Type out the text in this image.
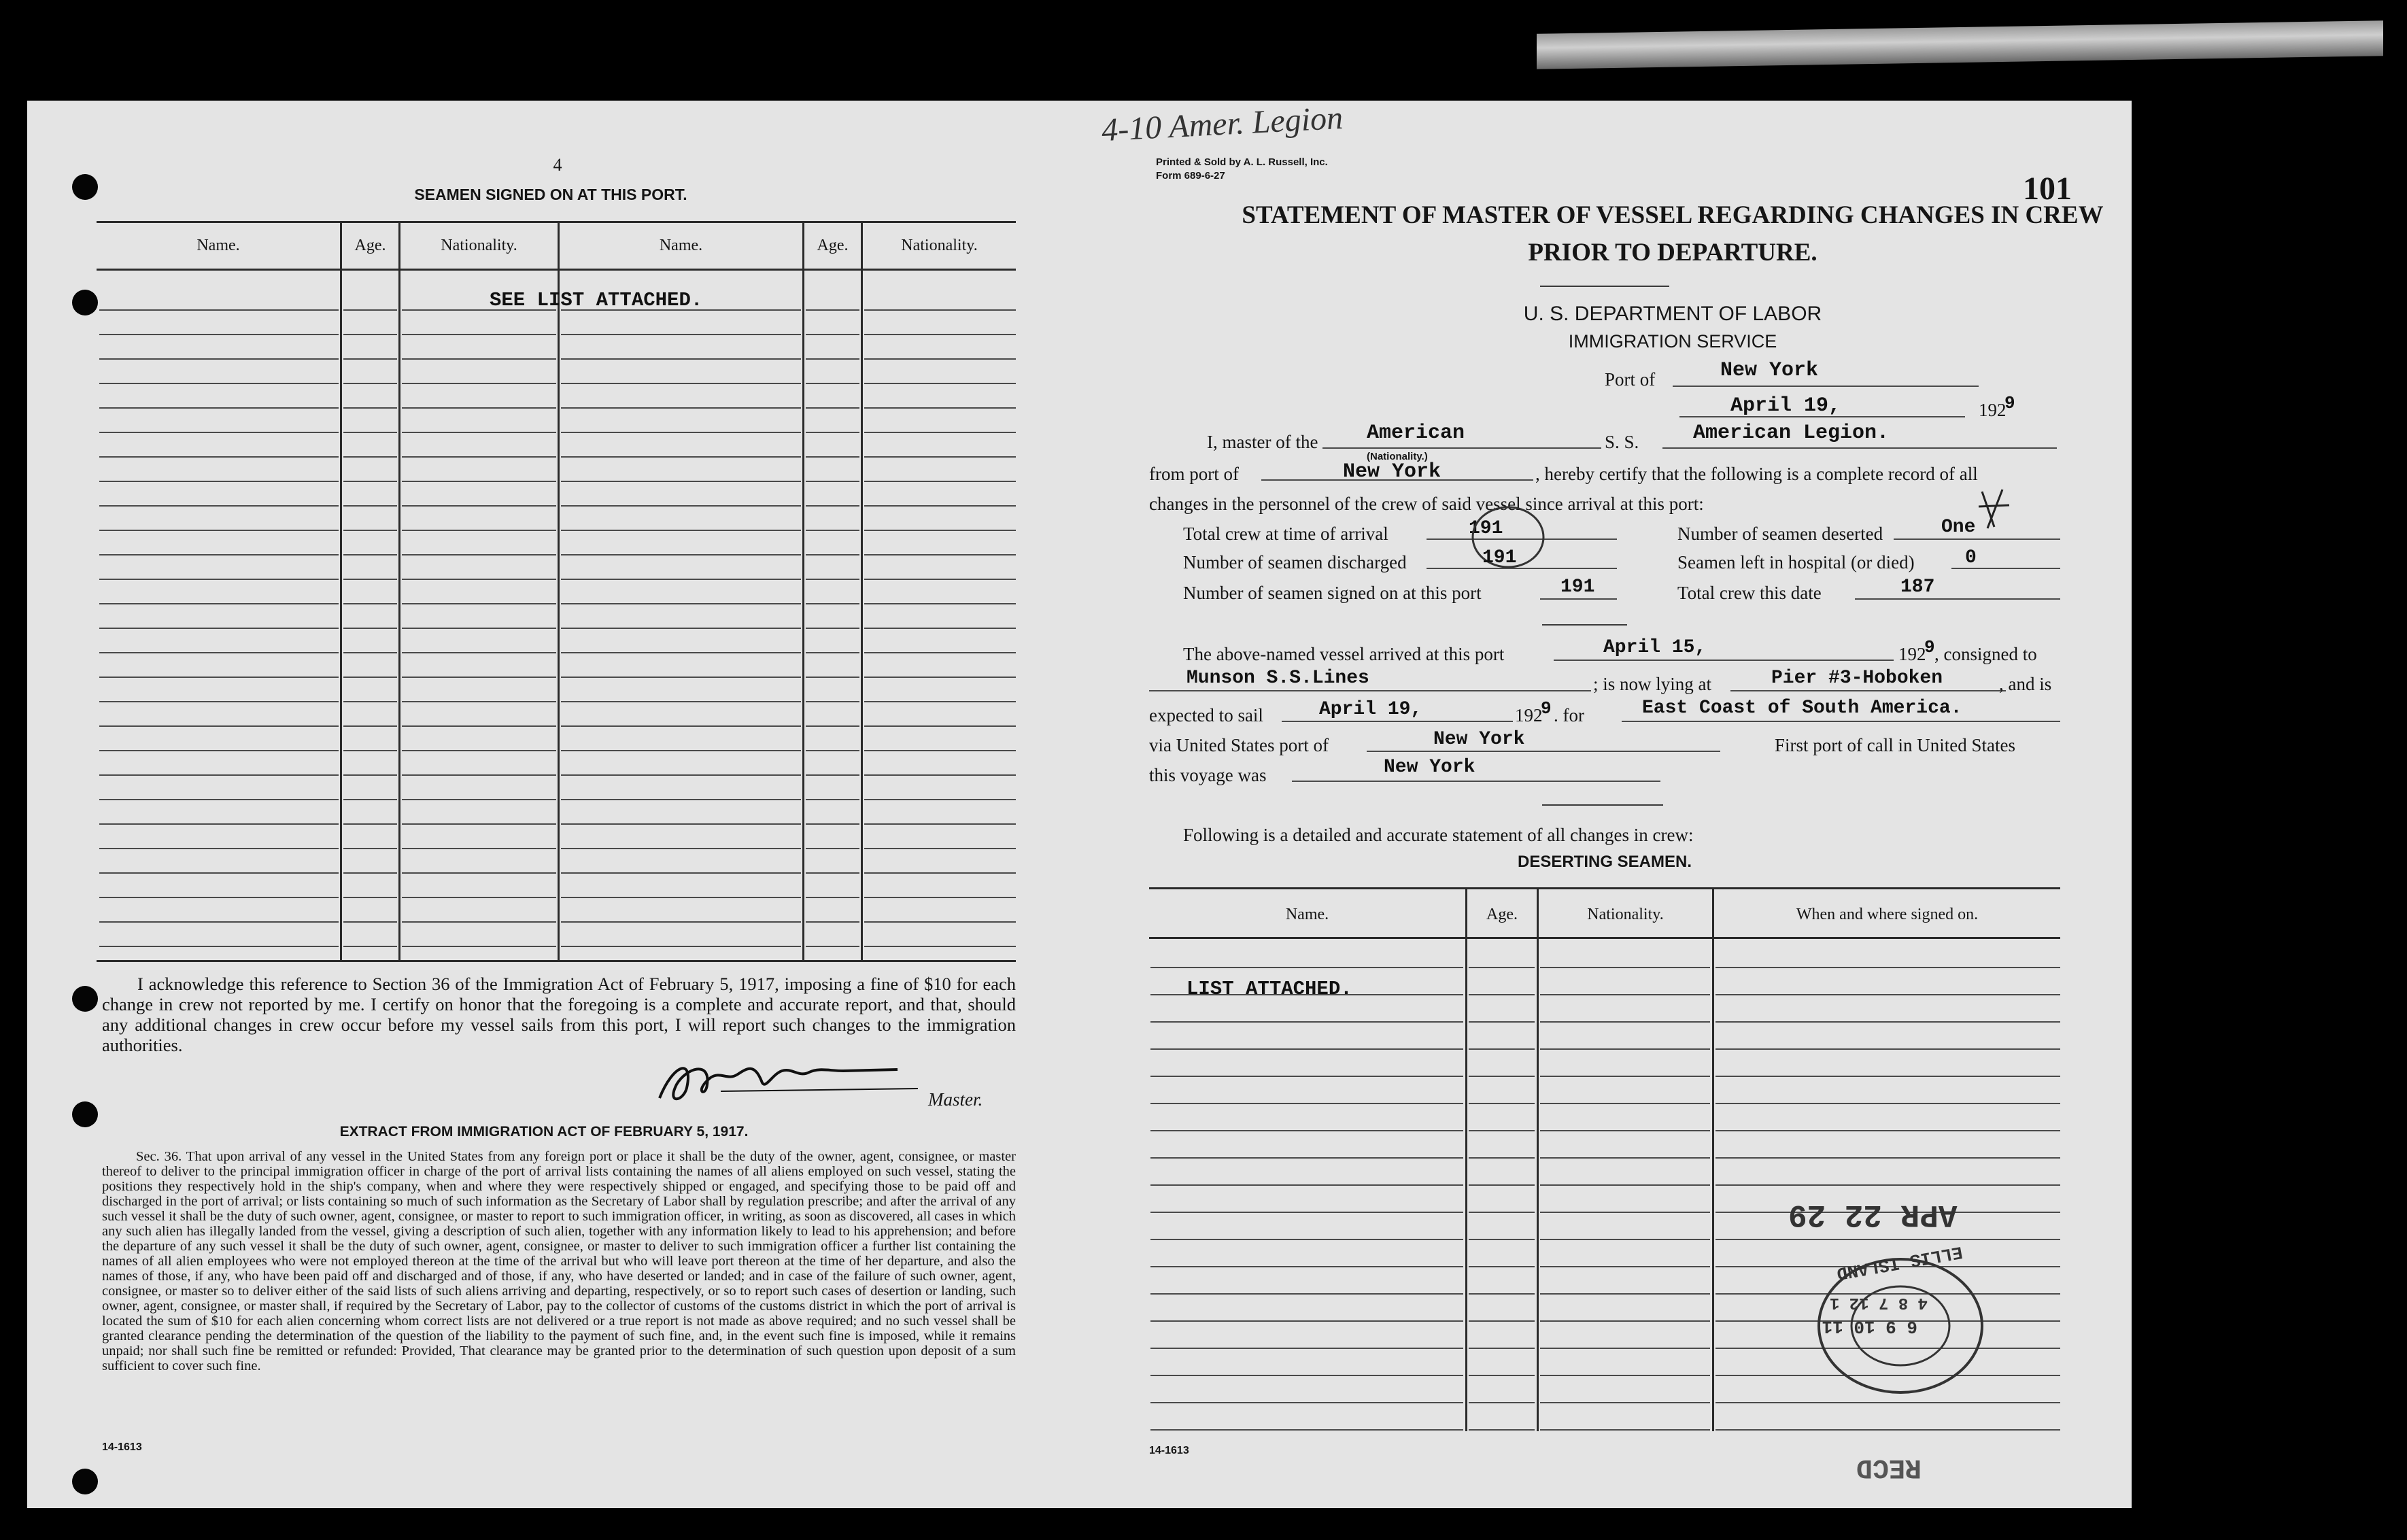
4
SEAMEN SIGNED ON AT THIS PORT.
Name.	Age.	Nationality.	Name.	Age.	Nationality.
SEE LIST ATTACHED.
I acknowledge this reference to Section 36 of the Immigration Act of February 5, 1917, imposing a fine of $10 for each change in crew not reported by me. I certify on honor that the foregoing is a complete and accurate report, and that, should any additional changes in crew occur before my vessel sails from this port, I will report such changes to the immigration authorities.
Master.
EXTRACT FROM IMMIGRATION ACT OF FEBRUARY 5, 1917.
Sec. 36. That upon arrival of any vessel in the United States from any foreign port or place it shall be the duty of the owner, agent, consignee, or master thereof to deliver to the principal immigration officer in charge of the port of arrival lists containing the names of all aliens employed on such vessel, stating the positions they respectively hold in the ship's company, when and where they were respectively shipped or engaged, and specifying those to be paid off and discharged in the port of arrival; or lists containing so much of such information as the Secretary of Labor shall by regulation prescribe; and after the arrival of any such vessel it shall be the duty of such owner, agent, consignee, or master to report to such immigration officer, in writing, as soon as discovered, all cases in which any such alien has illegally landed from the vessel, giving a description of such alien, together with any information likely to lead to his apprehension; and before the departure of any such vessel it shall be the duty of such owner, agent, consignee, or master to deliver to such immigration officer a further list containing the names of all alien employees who were not employed thereon at the time of the arrival but who will leave port thereon at the time of her departure, and also the names of those, if any, who have been paid off and discharged and of those, if any, who have deserted or landed; and in case of the failure of such owner, agent, consignee, or master so to deliver either of the said lists of such aliens arriving and departing, respectively, or so to report such cases of desertion or landing, such owner, agent, consignee, or master shall, if required by the Secretary of Labor, pay to the collector of customs of the customs district in which the port of arrival is located the sum of $10 for each alien concerning whom correct lists are not delivered or a true report is not made as above required; and no such vessel shall be granted clearance pending the determination of the question of the liability to the payment of such fine, and, in the event such fine is imposed, while it remains unpaid; nor shall such fine be remitted or refunded: Provided, That clearance may be granted prior to the determination of such question upon deposit of a sum sufficient to cover such fine.
14-1613
4-10 Amer. Legion
Printed & Sold by A. L. Russell, Inc.
Form 689-6-27	101
STATEMENT OF MASTER OF VESSEL REGARDING CHANGES IN CREW
PRIOR TO DEPARTURE.
U. S. DEPARTMENT OF LABOR
IMMIGRATION SERVICE
Port of	New York
April 19,	192
9
I, master of the American
(Nationality.)
S. S.	American Legion.
from port of	New York	, hereby certify that the following is a complete record of all
changes in the personnel of the crew of said vessel since arrival at this port:
Total crew at time of arrival	191
Number of seamen discharged	191
Number of seamen signed on at this port	191
Number of seamen deserted	One
Seamen left in hospital (or died)	0
Total crew this date	187
The above-named vessel arrived at this port	April 15,	192
9 , consigned to
Munson S.S.Lines	; is now lying at	Pier #3-Hoboken	, and is
expected to sail	April 19,	192
9 . for	East Coast of South America.
via United States port of	New York	First port of call in United States
this voyage was	New York
Following is a detailed and accurate statement of all changes in crew:
DESERTING SEAMEN.
Name.	Age.	Nationality.	When and where signed on.
LIST ATTACHED.
APR 22 29
6 9 10 11
4 8 7 12 1
ELLIS ISLAND
RECD
14-1613
